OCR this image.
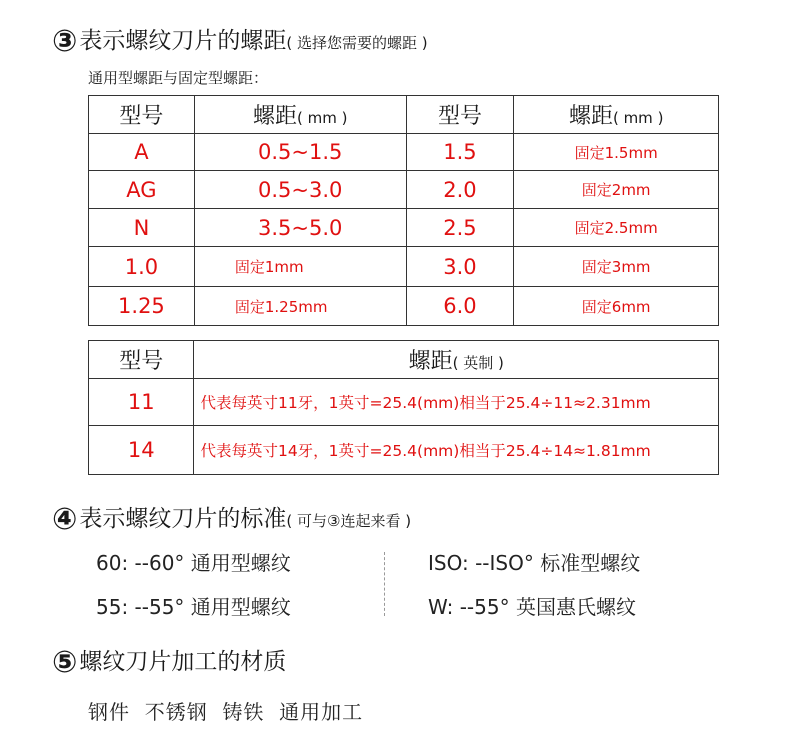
③表示螺纹刀片的螺距( 选择您需要的螺距 )
通用型螺距与固定型螺距：
型号	螺距( mm )	型号	螺距( mm )
A	0.5~1.5	1.5	固定1.5mm
AG	0.5~3.0	2.0	固定2mm
N	3.5~5.0	2.5	固定2.5mm
1.0	固定1mm	3.0	固定3mm
1.25	固定1.25mm	6.0	固定6mm
型号	螺距( 英制 )
11	代表每英寸11牙，1英寸=25.4(mm)相当于25.4÷11≈2.31mm
14	代表每英寸14牙，1英寸=25.4(mm)相当于25.4÷14≈1.81mm
④表示螺纹刀片的标准( 可与③连起来看 )
60: --60° 通用型螺纹	ISO: --ISO° 标准型螺纹
55: --55° 通用型螺纹	W: --55° 英国惠氏螺纹
⑤螺纹刀片加工的材质
钢件  不锈钢  铸铁  通用加工
